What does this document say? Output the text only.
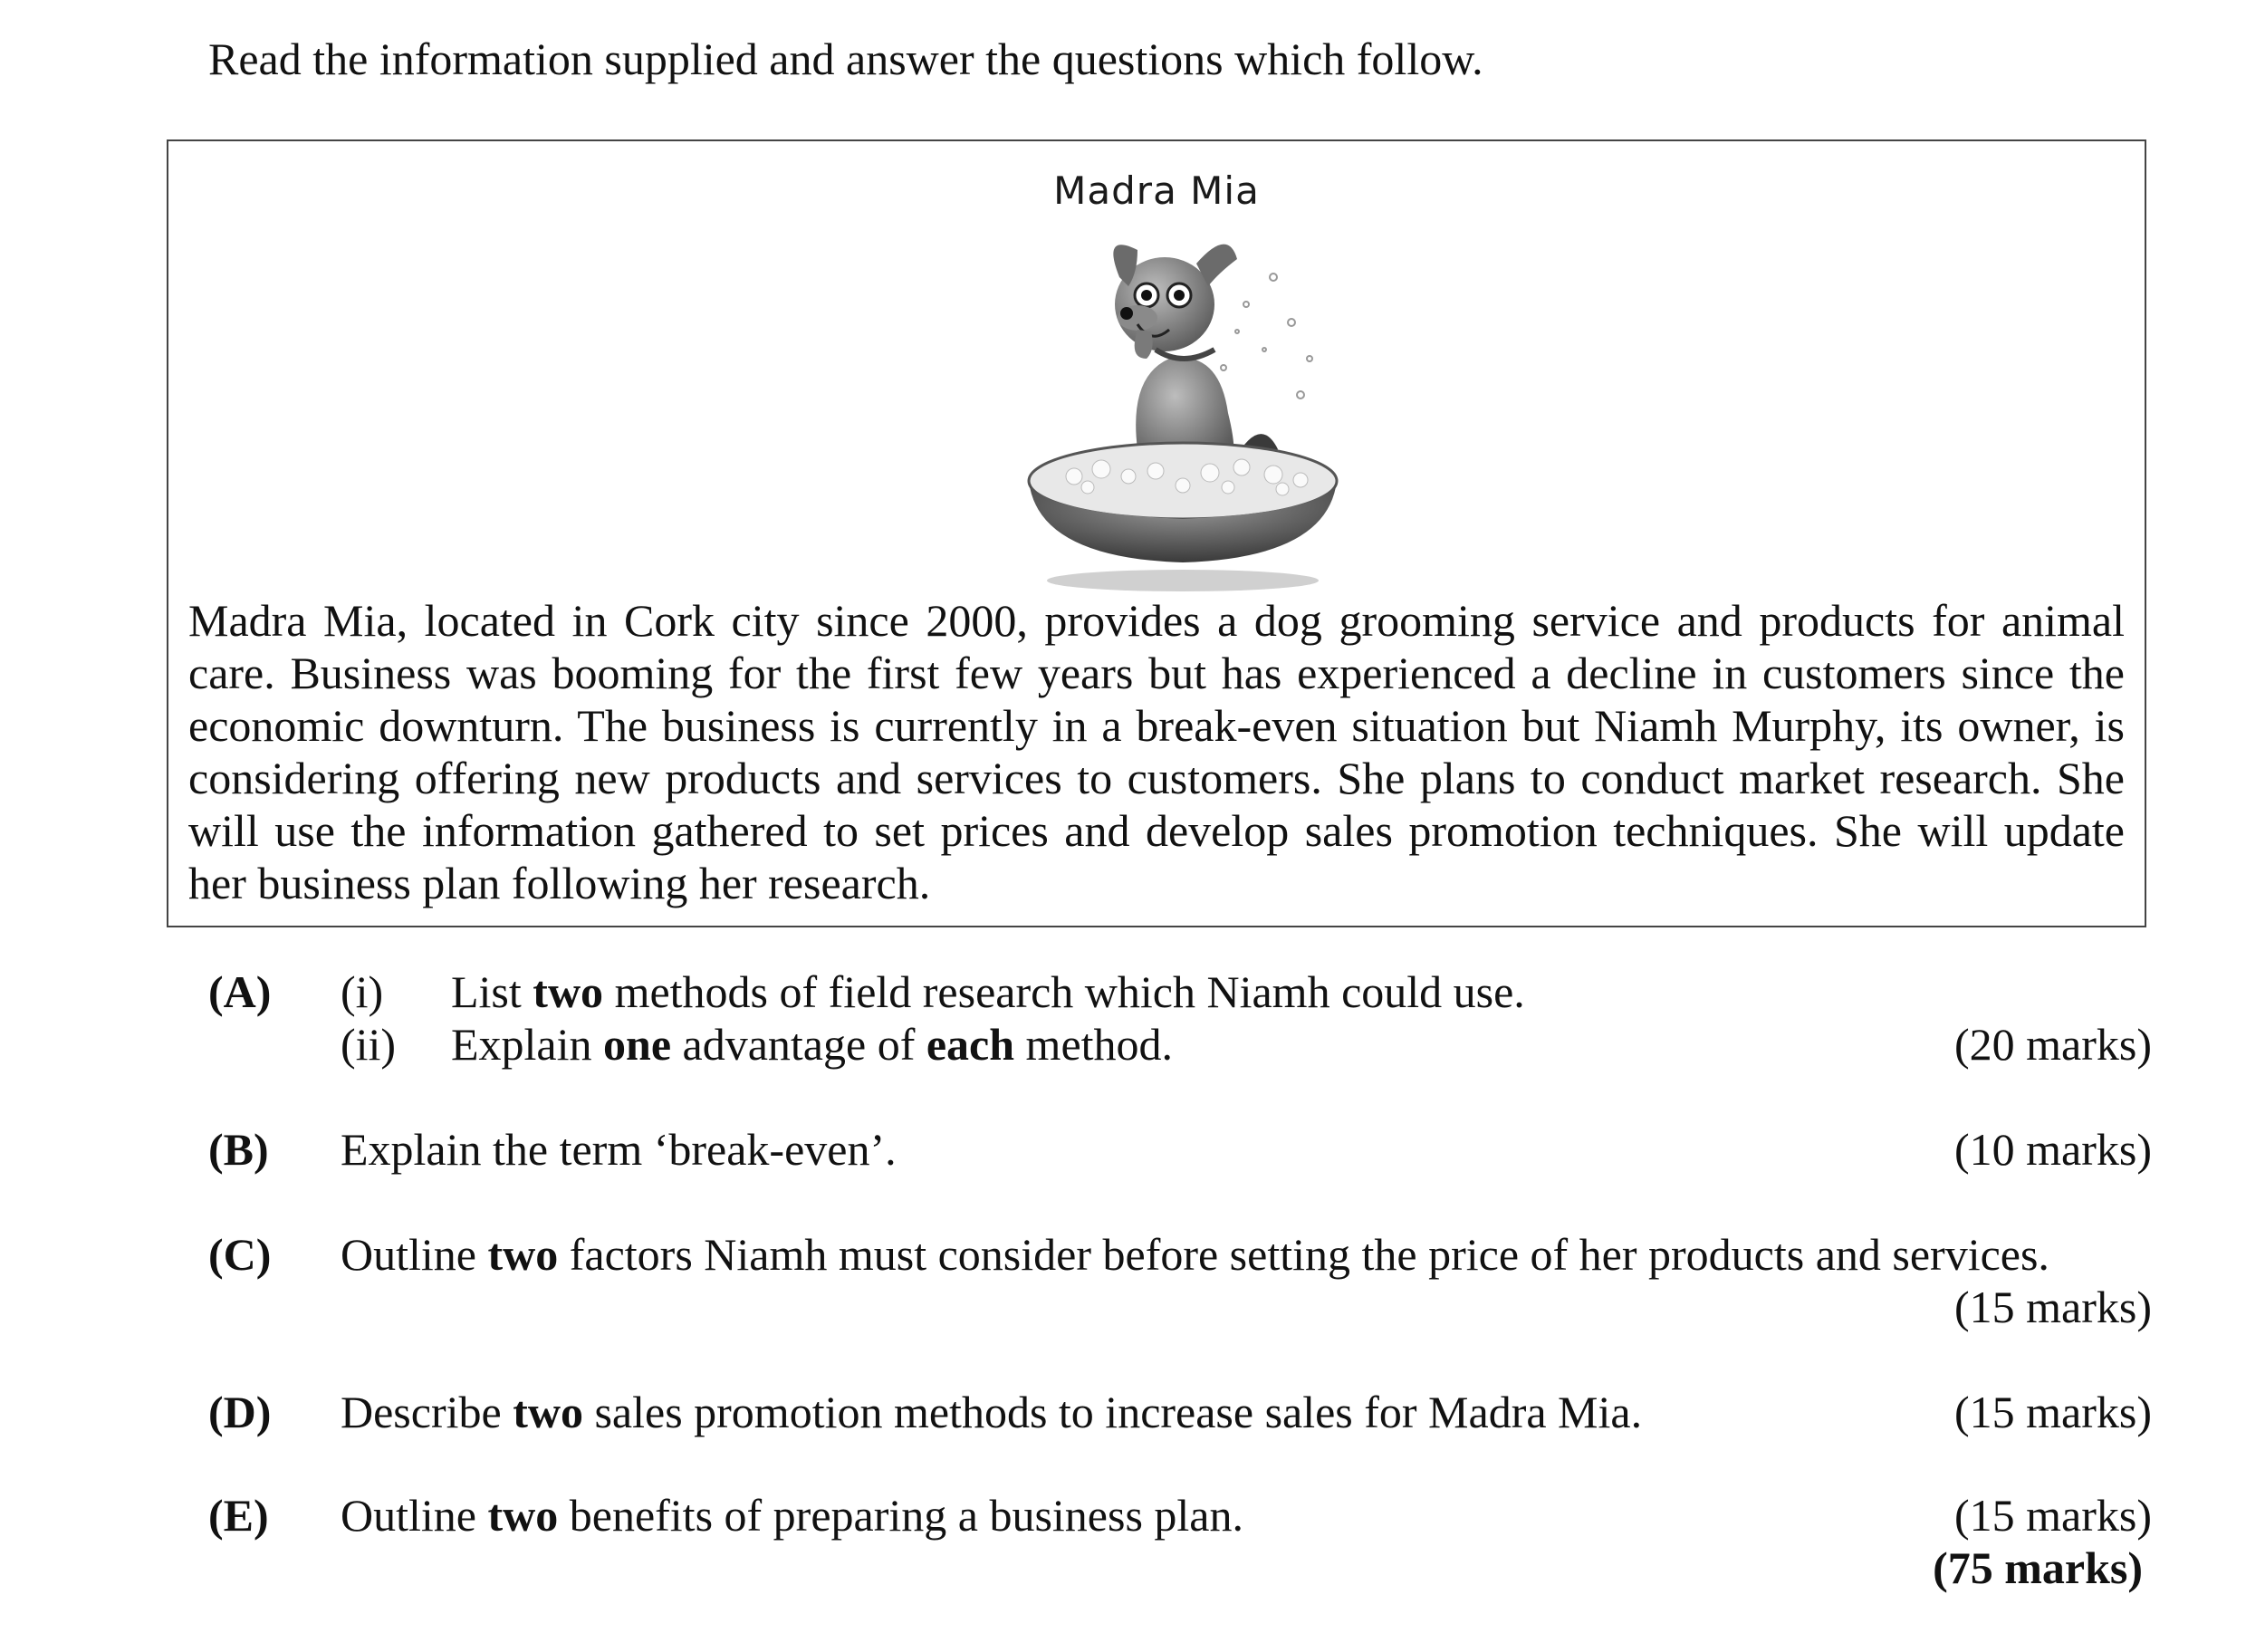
Read the information supplied and answer the questions which follow.
Madra Mia
Madra Mia, located in Cork city since 2000, provides a dog grooming service and products for animal care. Business was booming for the first few years but has experienced a decline in customers since the economic downturn. The business is currently in a break-even situation but Niamh Murphy, its owner, is considering offering new products and services to customers. She plans to conduct market research. She will use the information gathered to set prices and develop sales promotion techniques. She will update her business plan following her research.
(A) (i) List two methods of field research which Niamh could use.
(ii) Explain one advantage of each method.	(20 marks)
(B) Explain the term ‘break-even’.	(10 marks)
(C) Outline two factors Niamh must consider before setting the price of her products and services.
(15 marks)
(D) Describe two sales promotion methods to increase sales for Madra Mia.	(15 marks)
(E) Outline two benefits of preparing a business plan.	(15 marks)
(75 marks)
